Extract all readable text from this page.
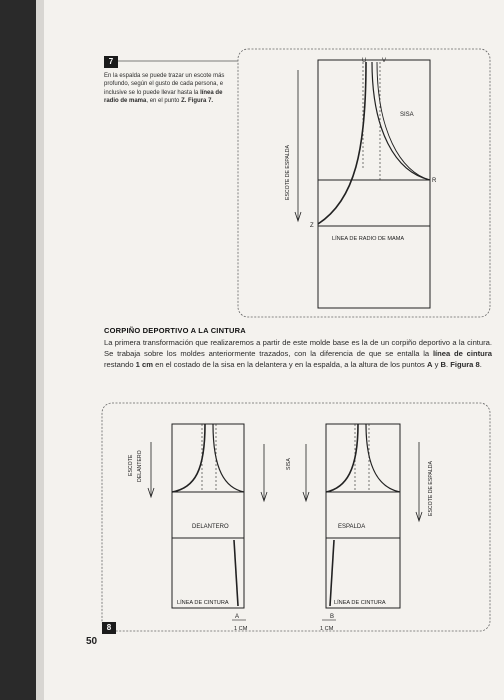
7
En la espalda se puede trazar un escote más profundo, según el gusto de cada persona, e inclusive se lo puede llevar hasta la línea de radio de mama, en el punto Z. Figura 7.
U	V
SISA
R
Z
ESCOTE DE ESPALDA
LÍNEA DE RADIO DE MAMA
ESCOTE DELANTERO	SISA
DELANTERO
LÍNEA DE CINTURA
A
1 CM
ESCOTE DE ESPALDA
ESPALDA
LÍNEA DE CINTURA
B
1 CM
CORPIÑO DEPORTIVO A LA CINTURA
La primera transformación que realizaremos a partir de este molde base es la de un corpiño deportivo a la cintura. Se trabaja sobre los moldes anteriormente trazados, con la diferencia de que se entalla la línea de cintura restando 1 cm en el costado de la sisa en la delantera y en la espalda, a la altura de los puntos A y B. Figura 8.
8
50
